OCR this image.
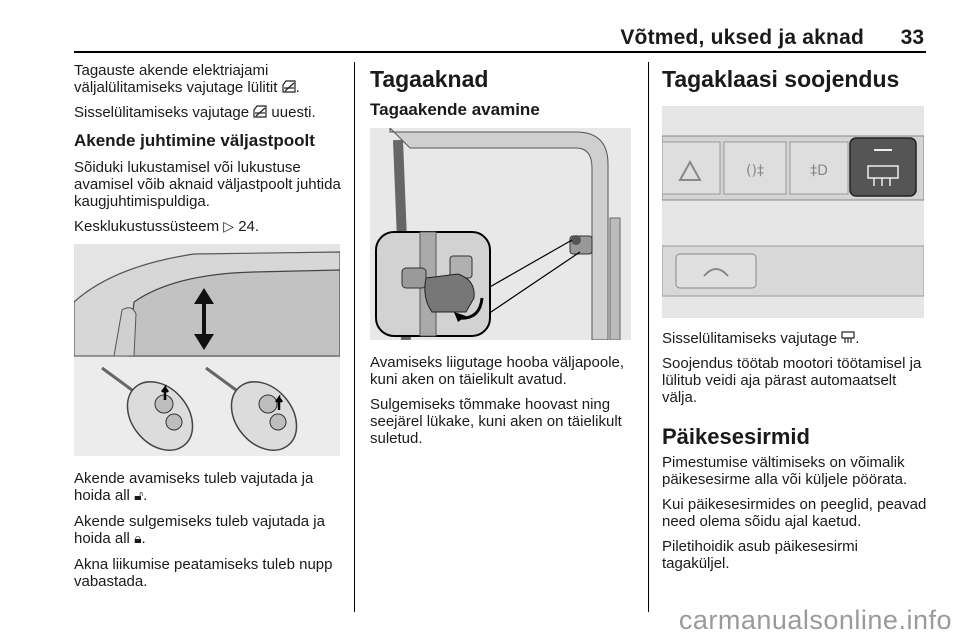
Võtmed, uksed ja aknad 33

Tagauste akende elektriajami väljalülitamiseks vajutage lülitit .

Sisselülitamiseks vajutage uuesti.

Akende juhtimine väljastpoolt

Sõiduki lukustamisel või lukustuse avamisel võib aknaid väljastpoolt juhtida kaugjuhtimispuldiga.

Kesklukustussüsteem ▷ 24.

Akende avamiseks tuleb vajutada ja hoida all 🔓︎.

Akende sulgemiseks tuleb vajutada ja hoida all 🔒︎.

Akna liikumise peatamiseks tuleb nupp vabastada.

Tagaaknad
Tagaakende avamine

Avamiseks liigutage hooba väljapoole, kuni aken on täielikult avatud.

Sulgemiseks tõmmake hoovast ning seejärel lükake, kuni aken on täielikult suletud.

Tagaklaasi soojendus
()‡	‡D

Sisselülitamiseks vajutage .

Soojendus töötab mootori töötamisel ja lülitub veidi aja pärast automaatselt välja.

Päikesesirmid

Pimestumise vältimiseks on võimalik päikesesirme alla või küljele pöörata.

Kui päikesesirmides on peeglid, peavad need olema sõidu ajal kaetud.

Piletihoidik asub päikesesirmi tagaküljel.

carmanualsonline.info
